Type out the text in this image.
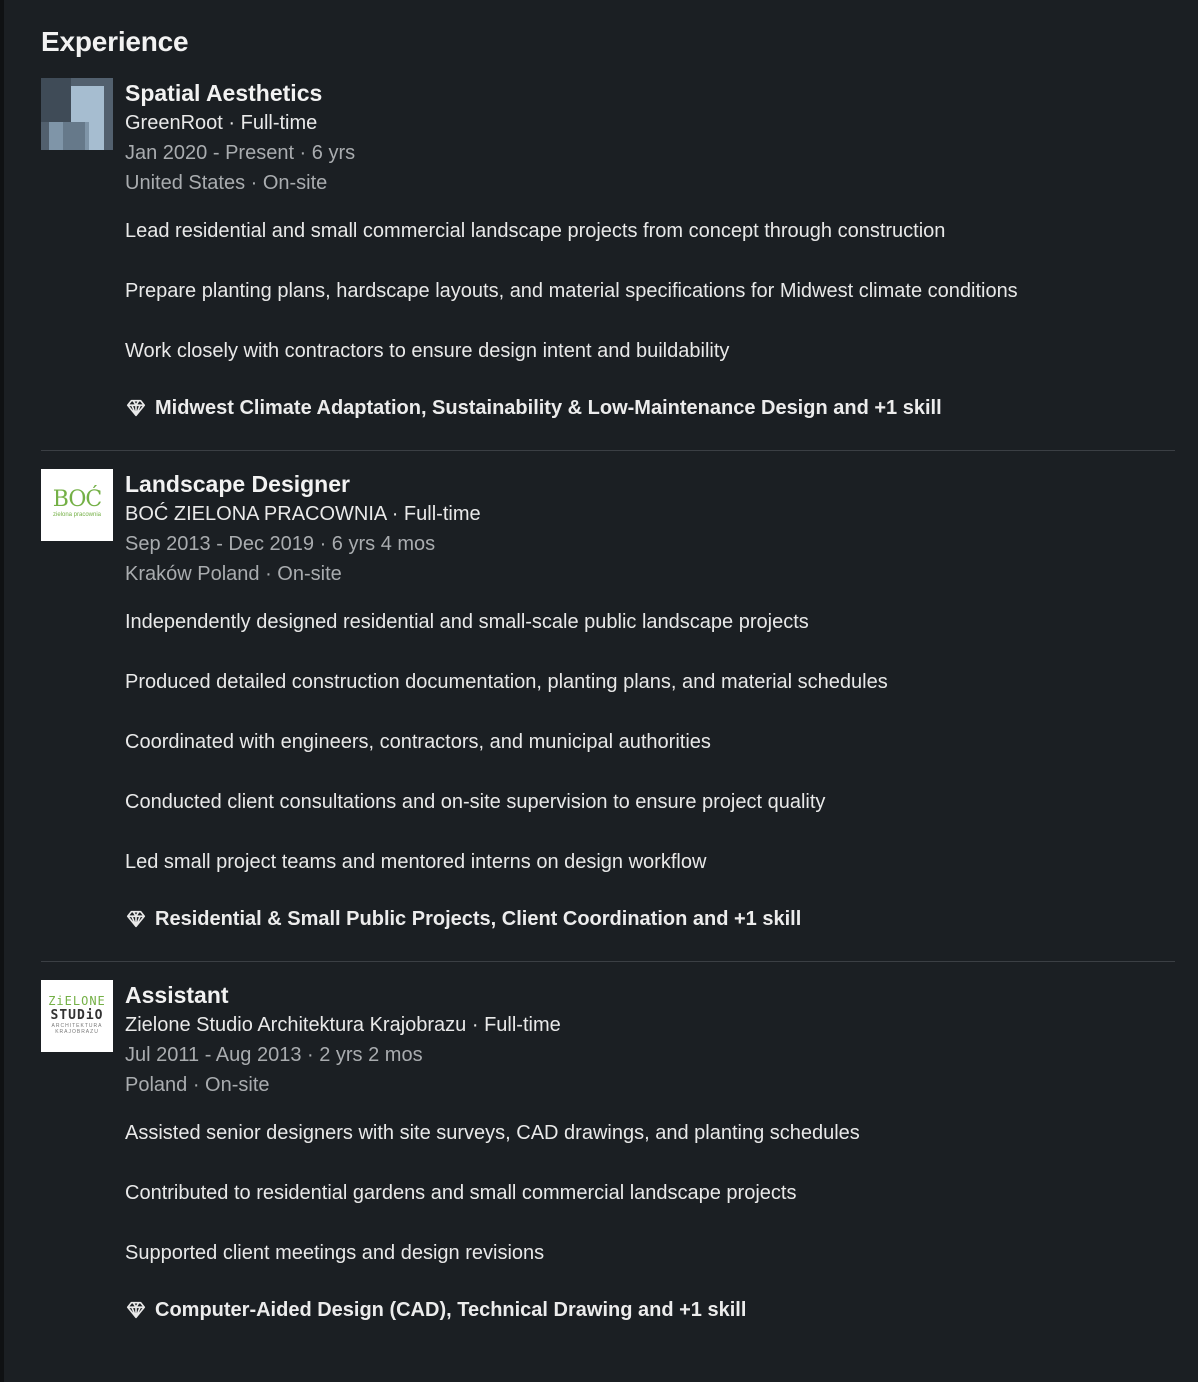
Experience
Spatial Aesthetics
GreenRoot · Full-time
Jan 2020 - Present · 6 yrs
United States · On-site
Lead residential and small commercial landscape projects from concept through construction
Prepare planting plans, hardscape layouts, and material specifications for Midwest climate conditions
Work closely with contractors to ensure design intent and buildability
Midwest Climate Adaptation, Sustainability & Low-Maintenance Design and +1 skill
BOĆ
zielona pracownia
Landscape Designer
BOĆ ZIELONA PRACOWNIA · Full-time
Sep 2013 - Dec 2019 · 6 yrs 4 mos
Kraków Poland · On-site
Independently designed residential and small-scale public landscape projects
Produced detailed construction documentation, planting plans, and material schedules
Coordinated with engineers, contractors, and municipal authorities
Conducted client consultations and on-site supervision to ensure project quality
Led small project teams and mentored interns on design workflow
Residential & Small Public Projects, Client Coordination and +1 skill
ZiELONE
STUDiO
ARCHITEKTURA KRAJOBRAZU
Assistant
Zielone Studio Architektura Krajobrazu · Full-time
Jul 2011 - Aug 2013 · 2 yrs 2 mos
Poland · On-site
Assisted senior designers with site surveys, CAD drawings, and planting schedules
Contributed to residential gardens and small commercial landscape projects
Supported client meetings and design revisions
Computer-Aided Design (CAD), Technical Drawing and +1 skill
